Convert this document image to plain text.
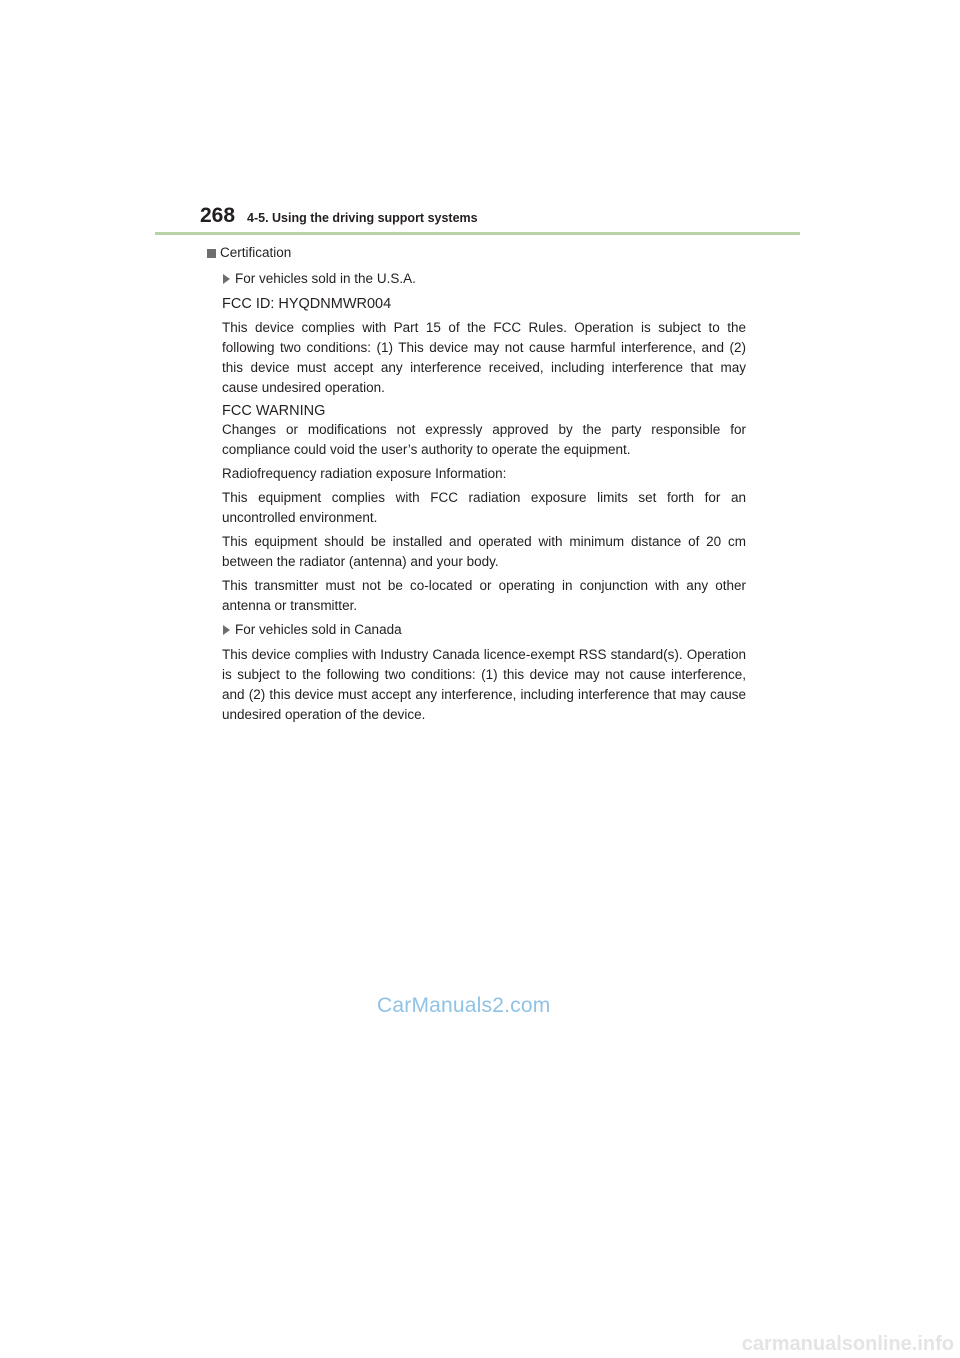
268 4-5. Using the driving support systems
Certification
For vehicles sold in the U.S.A.
FCC ID: HYQDNMWR004
This device complies with Part 15 of the FCC Rules. Operation is subject to the following two conditions: (1) This device may not cause harmful interference, and (2) this device must accept any interference received, including interference that may cause undesired operation.
FCC WARNING
Changes or modifications not expressly approved by the party responsible for compliance could void the user’s authority to operate the equipment.
Radiofrequency radiation exposure Information:
This equipment complies with FCC radiation exposure limits set forth for an uncontrolled environment.
This equipment should be installed and operated with minimum distance of 20 cm between the radiator (antenna) and your body.
This transmitter must not be co-located or operating in conjunction with any other antenna or transmitter.
For vehicles sold in Canada
This device complies with Industry Canada licence-exempt RSS standard(s). Operation is subject to the following two conditions: (1) this device may not cause interference, and (2) this device must accept any interference, including interference that may cause undesired operation of the device.
CarManuals2.com
carmanualsonline.info
